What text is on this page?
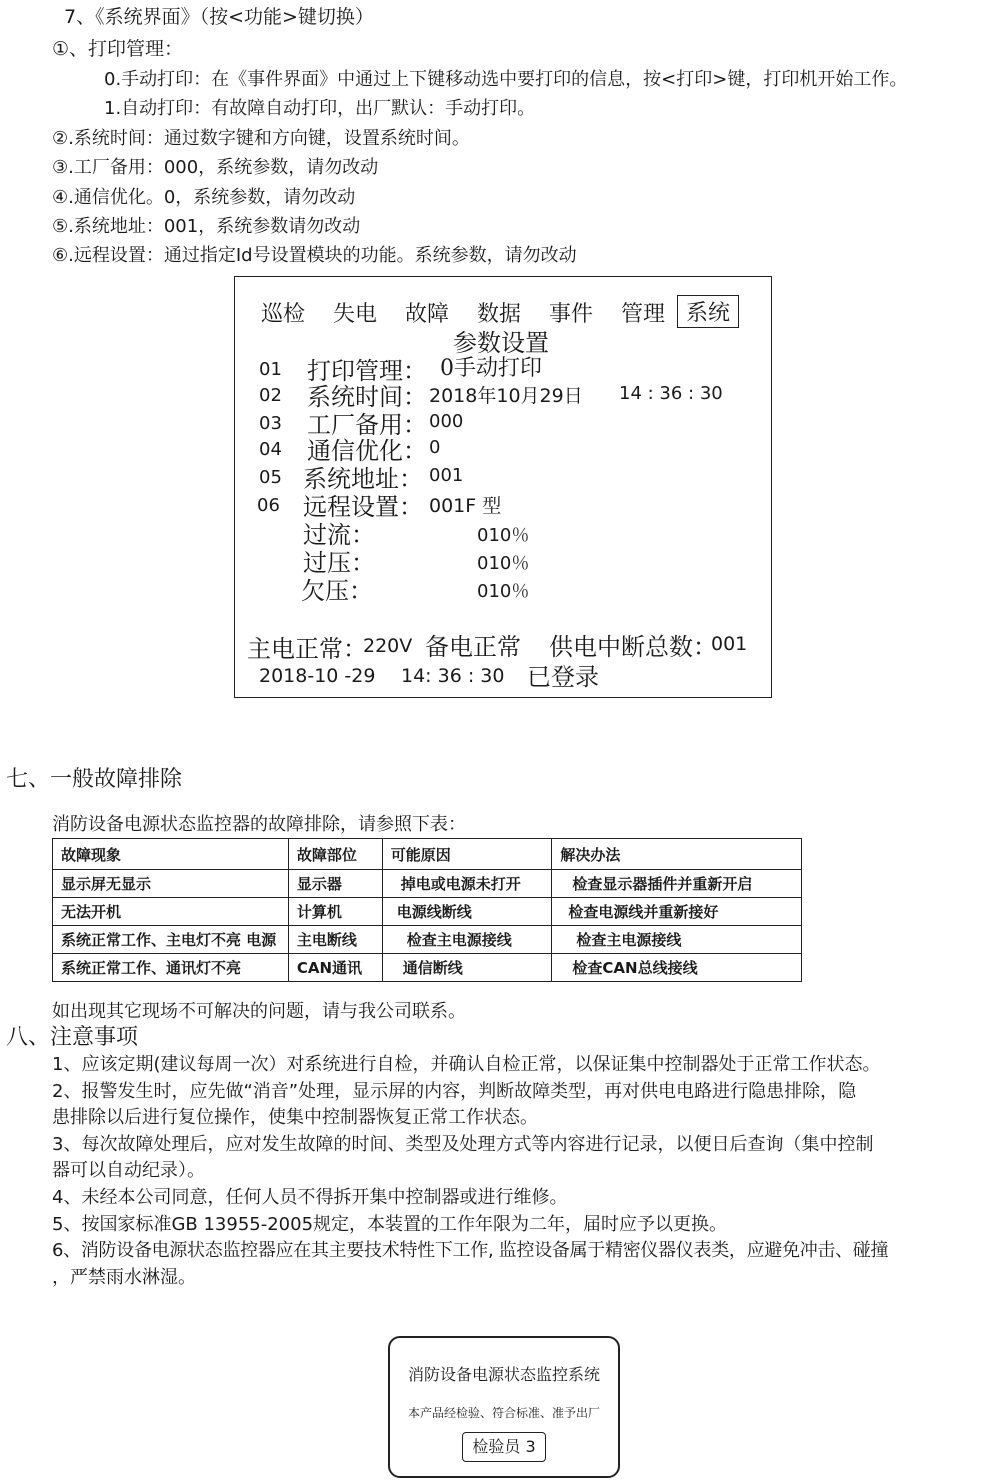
7、《系统界面》（按<功能>键切换）
①、打印管理：
0.手动打印：在《事件界面》中通过上下键移动选中要打印的信息，按<打印>键，打印机开始工作。
1.自动打印：有故障自动打印，出厂默认：手动打印。
②.系统时间：通过数字键和方向键，设置系统时间。
③.工厂备用：000，系统参数，请勿改动
④.通信优化。0，系统参数，请勿改动
⑤.系统地址：001，系统参数请勿改动
⑥.远程设置：通过指定Id号设置模块的功能。系统参数，请勿改动
巡检 失电 故障 数据 事件 管理 系统
参数设置
01 打印管理： 0手动打印
02 系统时间： 2018年10月29日 14 : 36 : 30
03 工厂备用： 000
04 通信优化： 0
05 系统地址： 001
06 远程设置： 001F 型
过流：	010％
过压：	010％
欠压：	010％
主电正常：
220V 备电正常 供电中断总数：
001
2018-10 -29 14: 36 : 30 已登录
七、一般故障排除
消防设备电源状态监控器的故障排除，请参照下表：
故障现象	故障部位	可能原因	解决办法
显示屏无显示	显示器	掉电或电源未打开	检查显示器插件并重新开启
无法开机	计算机	电源线断线	检查电源线并重新接好
系统正常工作、主电灯不亮 电源	主电断线	检查主电源接线	检查主电源接线
系统正常工作、通讯灯不亮	CAN通讯	通信断线	检查CAN总线接线
如出现其它现场不可解决的问题，请与我公司联系。
八、注意事项
1、应该定期(建议每周一次）对系统进行自检，并确认自检正常，以保证集中控制器处于正常工作状态。
2、报警发生时，应先做“消音”处理，显示屏的内容，判断故障类型，再对供电电路进行隐患排除，隐
患排除以后进行复位操作，使集中控制器恢复正常工作状态。
3、每次故障处理后，应对发生故障的时间、类型及处理方式等内容进行记录，以便日后查询（集中控制
器可以自动纪录）。
4、未经本公司同意，任何人员不得拆开集中控制器或进行维修。
5、按国家标准GB 13955-2005规定，本装置的工作年限为二年，届时应予以更换。
6、消防设备电源状态监控器应在其主要技术特性下工作, 监控设备属于精密仪器仪表类，应避免冲击、碰撞
，严禁雨水淋湿。
消防设备电源状态监控系统
本产品经检验、符合标准、准予出厂
检验员 3
